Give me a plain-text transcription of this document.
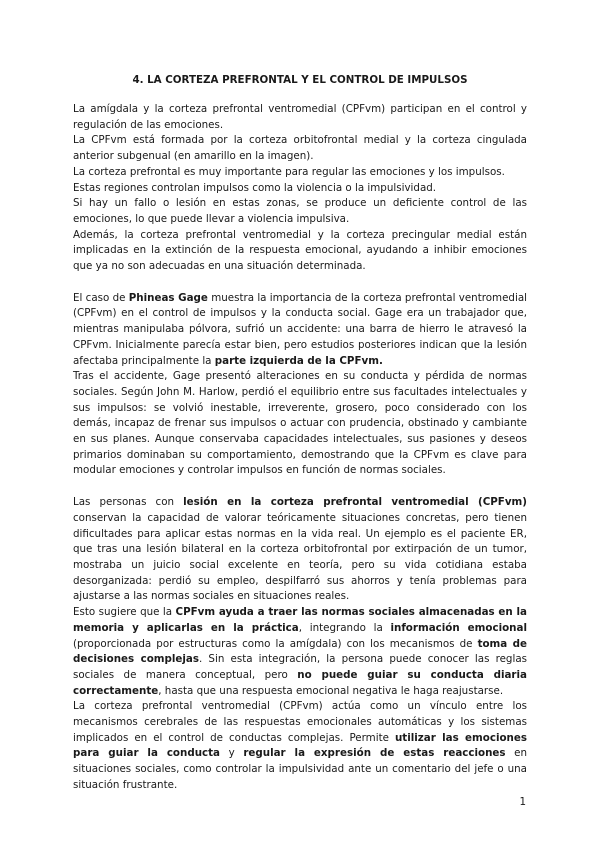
4. LA CORTEZA PREFRONTAL Y EL CONTROL DE IMPULSOS

La amígdala y la corteza prefrontal ventromedial (CPFvm) participan en el control y regulación de las emociones.

La CPFvm está formada por la corteza orbitofrontal medial y la corteza cingulada anterior subgenual (en amarillo en la imagen).

La corteza prefrontal es muy importante para regular las emociones y los impulsos.

Estas regiones controlan impulsos como la violencia o la impulsividad.

Si hay un fallo o lesión en estas zonas, se produce un deficiente control de las emociones, lo que puede llevar a violencia impulsiva.

Además, la corteza prefrontal ventromedial y la corteza precingular medial están implicadas en la extinción de la respuesta emocional, ayudando a inhibir emociones que ya no son adecuadas en una situación determinada.

El caso de Phineas Gage muestra la importancia de la corteza prefrontal ventromedial (CPFvm) en el control de impulsos y la conducta social. Gage era un trabajador que, mientras manipulaba pólvora, sufrió un accidente: una barra de hierro le atravesó la CPFvm. Inicialmente parecía estar bien, pero estudios posteriores indican que la lesión afectaba principalmente la parte izquierda de la CPFvm.

Tras el accidente, Gage presentó alteraciones en su conducta y pérdida de normas sociales. Según John M. Harlow, perdió el equilibrio entre sus facultades intelectuales y sus impulsos: se volvió inestable, irreverente, grosero, poco considerado con los demás, incapaz de frenar sus impulsos o actuar con prudencia, obstinado y cambiante en sus planes. Aunque conservaba capacidades intelectuales, sus pasiones y deseos primarios dominaban su comportamiento, demostrando que la CPFvm es clave para modular emociones y controlar impulsos en función de normas sociales.

Las personas con lesión en la corteza prefrontal ventromedial (CPFvm) conservan la capacidad de valorar teóricamente situaciones concretas, pero tienen dificultades para aplicar estas normas en la vida real. Un ejemplo es el paciente ER, que tras una lesión bilateral en la corteza orbitofrontal por extirpación de un tumor, mostraba un juicio social excelente en teoría, pero su vida cotidiana estaba desorganizada: perdió su empleo, despilfarró sus ahorros y tenía problemas para ajustarse a las normas sociales en situaciones reales.

Esto sugiere que la CPFvm ayuda a traer las normas sociales almacenadas en la memoria y aplicarlas en la práctica, integrando la información emocional (proporcionada por estructuras como la amígdala) con los mecanismos de toma de decisiones complejas. Sin esta integración, la persona puede conocer las reglas sociales de manera conceptual, pero no puede guiar su conducta diaria correctamente, hasta que una respuesta emocional negativa le haga reajustarse.

La corteza prefrontal ventromedial (CPFvm) actúa como un vínculo entre los mecanismos cerebrales de las respuestas emocionales automáticas y los sistemas implicados en el control de conductas complejas. Permite utilizar las emociones para guiar la conducta y regular la expresión de estas reacciones en situaciones sociales, como controlar la impulsividad ante un comentario del jefe o una situación frustrante.

1
